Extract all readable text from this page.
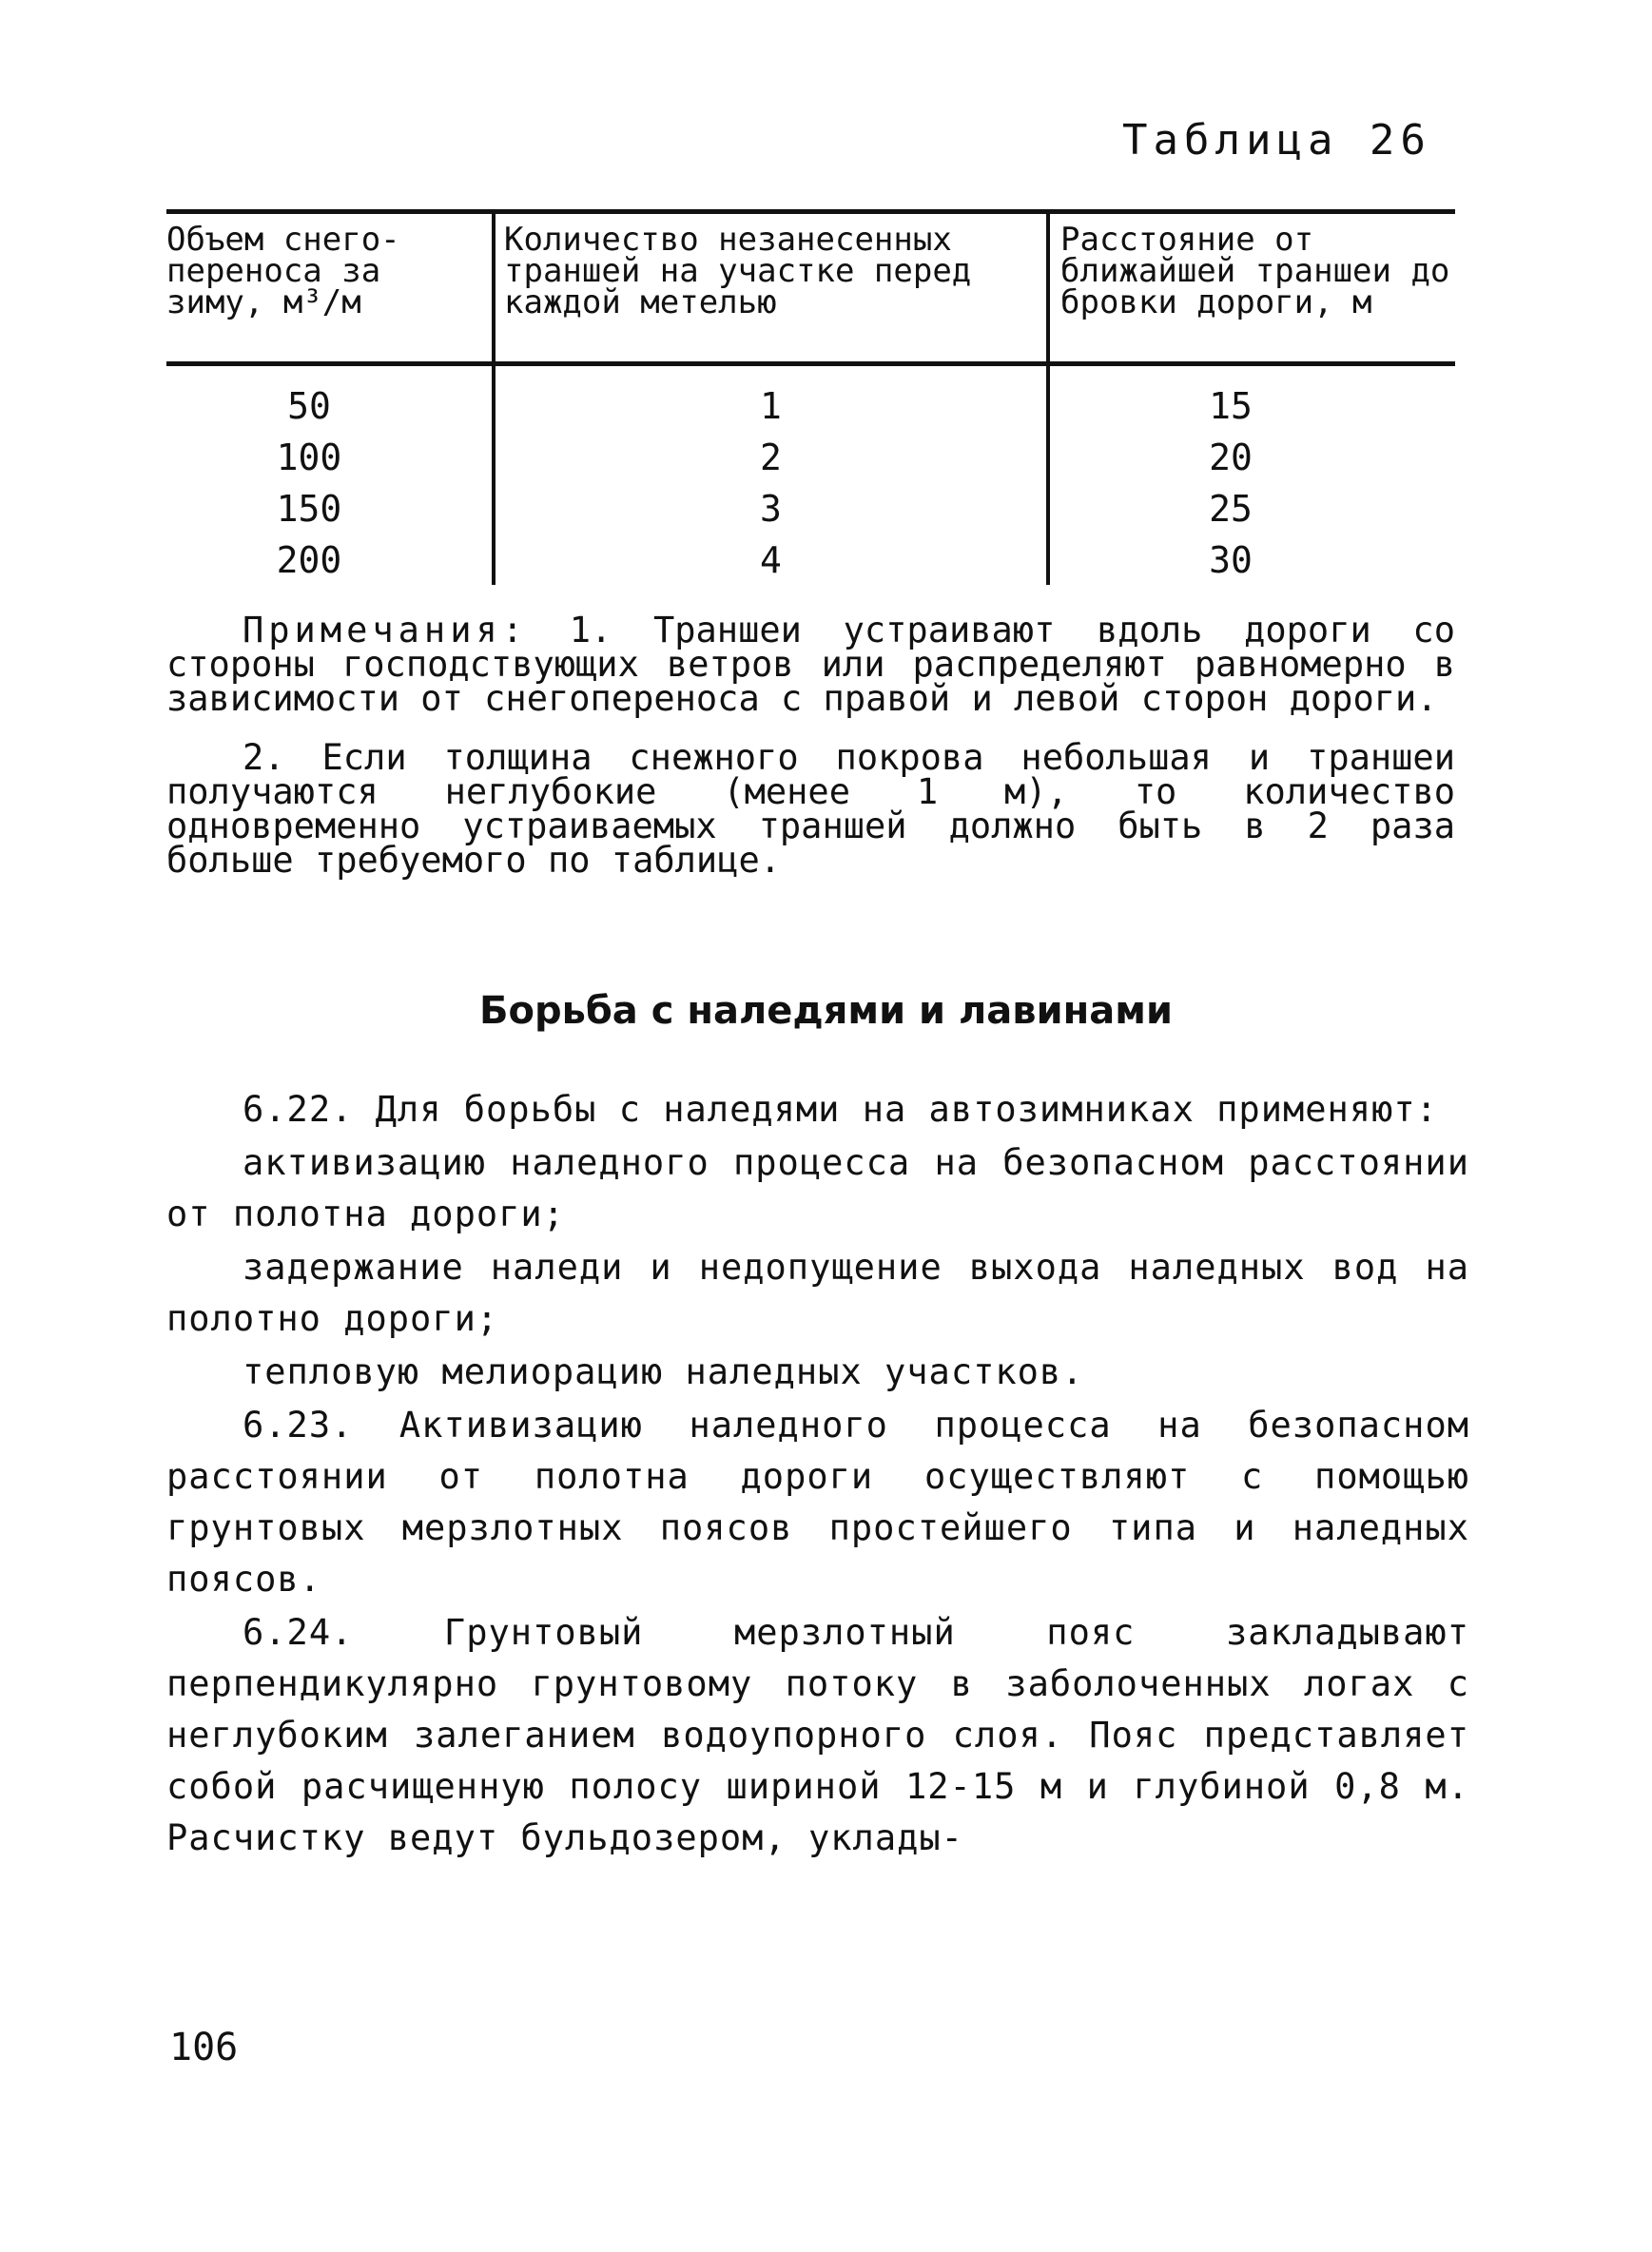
Таблица 26
Объем снего-переноса за зиму, м³/м
Количество незанесенных траншей на участке перед каждой метелью
Расстояние от ближайшей траншеи до бровки дороги, м
50
100
150
200
1
2
3
4
15
20
25
30

Примечания: 1. Траншеи устраивают вдоль дороги со стороны господствующих ветров или распределяют равномерно в зависимости от снегопереноса с правой и левой сторон дороги.

2. Если толщина снежного покрова небольшая и траншеи получаются неглубокие (менее 1 м), то количество одновременно устраиваемых траншей должно быть в 2 раза больше требуемого по таблице.

Борьба с наледями и лавинами

6.22. Для борьбы с наледями на автозимниках применяют:

активизацию наледного процесса на безопасном расстоянии от полотна дороги;

задержание наледи и недопущение выхода наледных вод на полотно дороги;

тепловую мелиорацию наледных участков.

6.23. Активизацию наледного процесса на безопасном расстоянии от полотна дороги осуществляют с помощью грунтовых мерзлотных поясов простейшего типа и наледных поясов.

6.24. Грунтовый мерзлотный пояс закладывают перпендикулярно грунтовому потоку в заболоченных логах с неглубоким залеганием водоупорного слоя. Пояс представляет собой расчищенную полосу шириной 12-15 м и глубиной 0,8 м. Расчистку ведут бульдозером, уклады-

106
